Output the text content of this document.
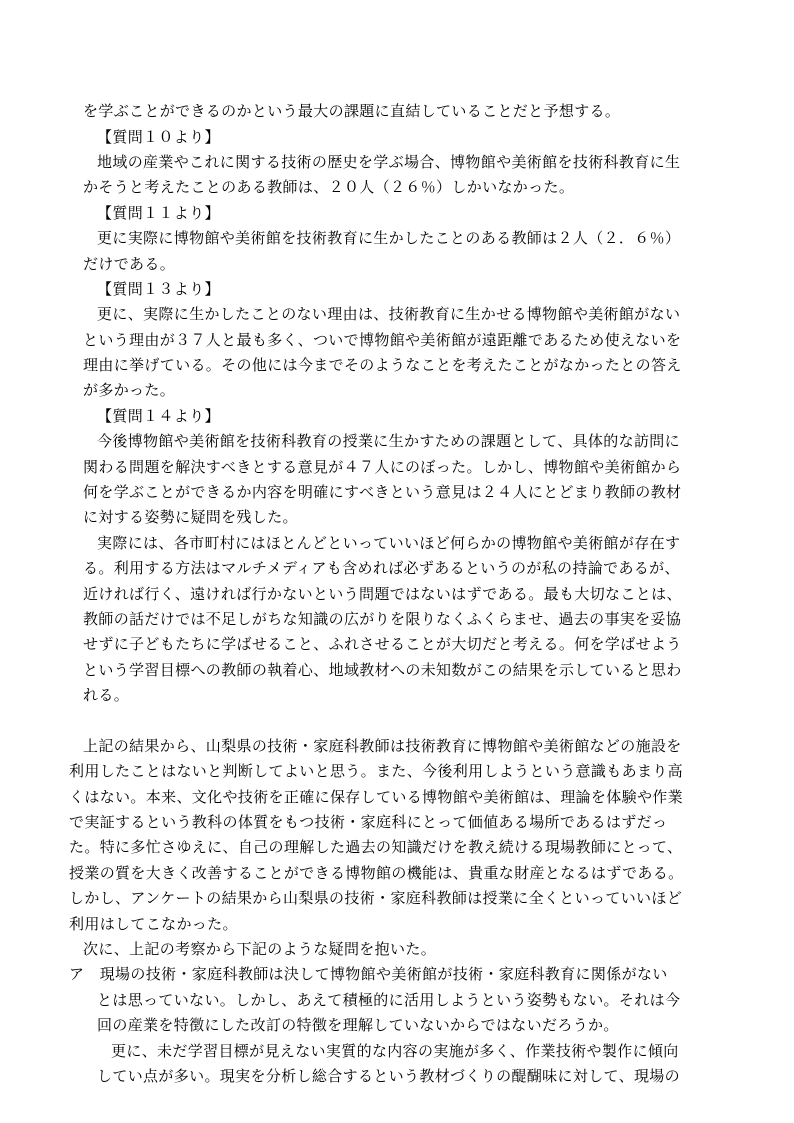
を学ぶことができるのかという最大の課題に直結していることだと予想する。
【質問１０より】
地域の産業やこれに関する技術の歴史を学ぶ場合、博物館や美術館を技術科教育に生
かそうと考えたことのある教師は、２０人（２６％）しかいなかった。
【質問１１より】
更に実際に博物館や美術館を技術教育に生かしたことのある教師は２人（２．６％）
だけである。
【質問１３より】
更に、実際に生かしたことのない理由は、技術教育に生かせる博物館や美術館がない
という理由が３７人と最も多く、ついで博物館や美術館が遠距離であるため使えないを
理由に挙げている。その他には今までそのようなことを考えたことがなかったとの答え
が多かった。
【質問１４より】
今後博物館や美術館を技術科教育の授業に生かすための課題として、具体的な訪問に
関わる問題を解決すべきとする意見が４７人にのぼった。しかし、博物館や美術館から
何を学ぶことができるか内容を明確にすべきという意見は２４人にとどまり教師の教材
に対する姿勢に疑問を残した。
実際には、各市町村にはほとんどといっていいほど何らかの博物館や美術館が存在す
る。利用する方法はマルチメディアも含めれば必ずあるというのが私の持論であるが、
近ければ行く、遠ければ行かないという問題ではないはずである。最も大切なことは、
教師の話だけでは不足しがちな知識の広がりを限りなくふくらませ、過去の事実を妥協
せずに子どもたちに学ばせること、ふれさせることが大切だと考える。何を学ばせよう
という学習目標への教師の執着心、地域教材への未知数がこの結果を示していると思わ
れる。
上記の結果から、山梨県の技術・家庭科教師は技術教育に博物館や美術館などの施設を
利用したことはないと判断してよいと思う。また、今後利用しようという意識もあまり高
くはない。本来、文化や技術を正確に保存している博物館や美術館は、理論を体験や作業
で実証するという教科の体質をもつ技術・家庭科にとって価値ある場所であるはずだっ
た。特に多忙さゆえに、自己の理解した過去の知識だけを教え続ける現場教師にとって、
授業の質を大きく改善することができる博物館の機能は、貴重な財産となるはずである。
しかし、アンケートの結果から山梨県の技術・家庭科教師は授業に全くといっていいほど
利用はしてこなかった。
次に、上記の考察から下記のような疑問を抱いた。
ア　現場の技術・家庭科教師は決して博物館や美術館が技術・家庭科教育に関係がない
とは思っていない。しかし、あえて積極的に活用しようという姿勢もない。それは今
回の産業を特徴にした改訂の特徴を理解していないからではないだろうか。
更に、未だ学習目標が見えない実質的な内容の実施が多く、作業技術や製作に傾向
してい点が多い。現実を分析し総合するという教材づくりの醍醐味に対して、現場の
